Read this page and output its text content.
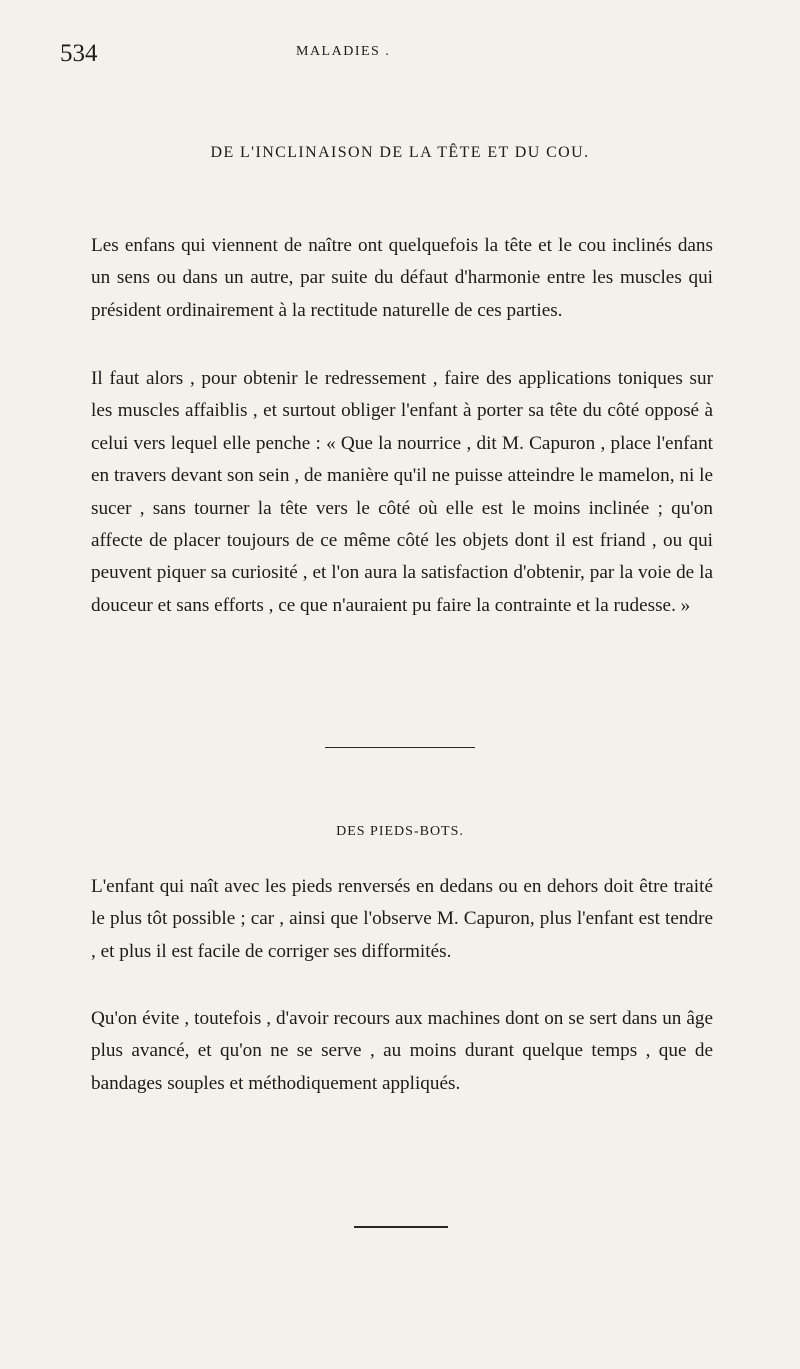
534	MALADIES .
DE L'INCLINAISON DE LA TÊTE ET DU COU.

Les enfans qui viennent de naître ont quelquefois la tête et le cou inclinés dans un sens ou dans un autre, par suite du défaut d'harmonie entre les muscles qui président ordinairement à la rectitude naturelle de ces parties.

Il faut alors , pour obtenir le redressement , faire des applications toniques sur les muscles affaiblis , et surtout obliger l'enfant à porter sa tête du côté opposé à celui vers lequel elle penche : « Que la nourrice , dit M. Capuron , place l'enfant en travers devant son sein , de manière qu'il ne puisse atteindre le mamelon, ni le sucer , sans tourner la tête vers le côté où elle est le moins inclinée ; qu'on affecte de placer toujours de ce même côté les objets dont il est friand , ou qui peuvent piquer sa curiosité , et l'on aura la satisfaction d'obtenir, par la voie de la douceur et sans efforts , ce que n'auraient pu faire la contrainte et la rudesse. »

DES PIEDS-BOTS.

L'enfant qui naît avec les pieds renversés en dedans ou en dehors doit être traité le plus tôt possible ; car , ainsi que l'observe M. Capuron, plus l'enfant est tendre , et plus il est facile de corriger ses difformités.

Qu'on évite , toutefois , d'avoir recours aux machines dont on se sert dans un âge plus avancé, et qu'on ne se serve , au moins durant quelque temps , que de bandages souples et méthodiquement appliqués.
